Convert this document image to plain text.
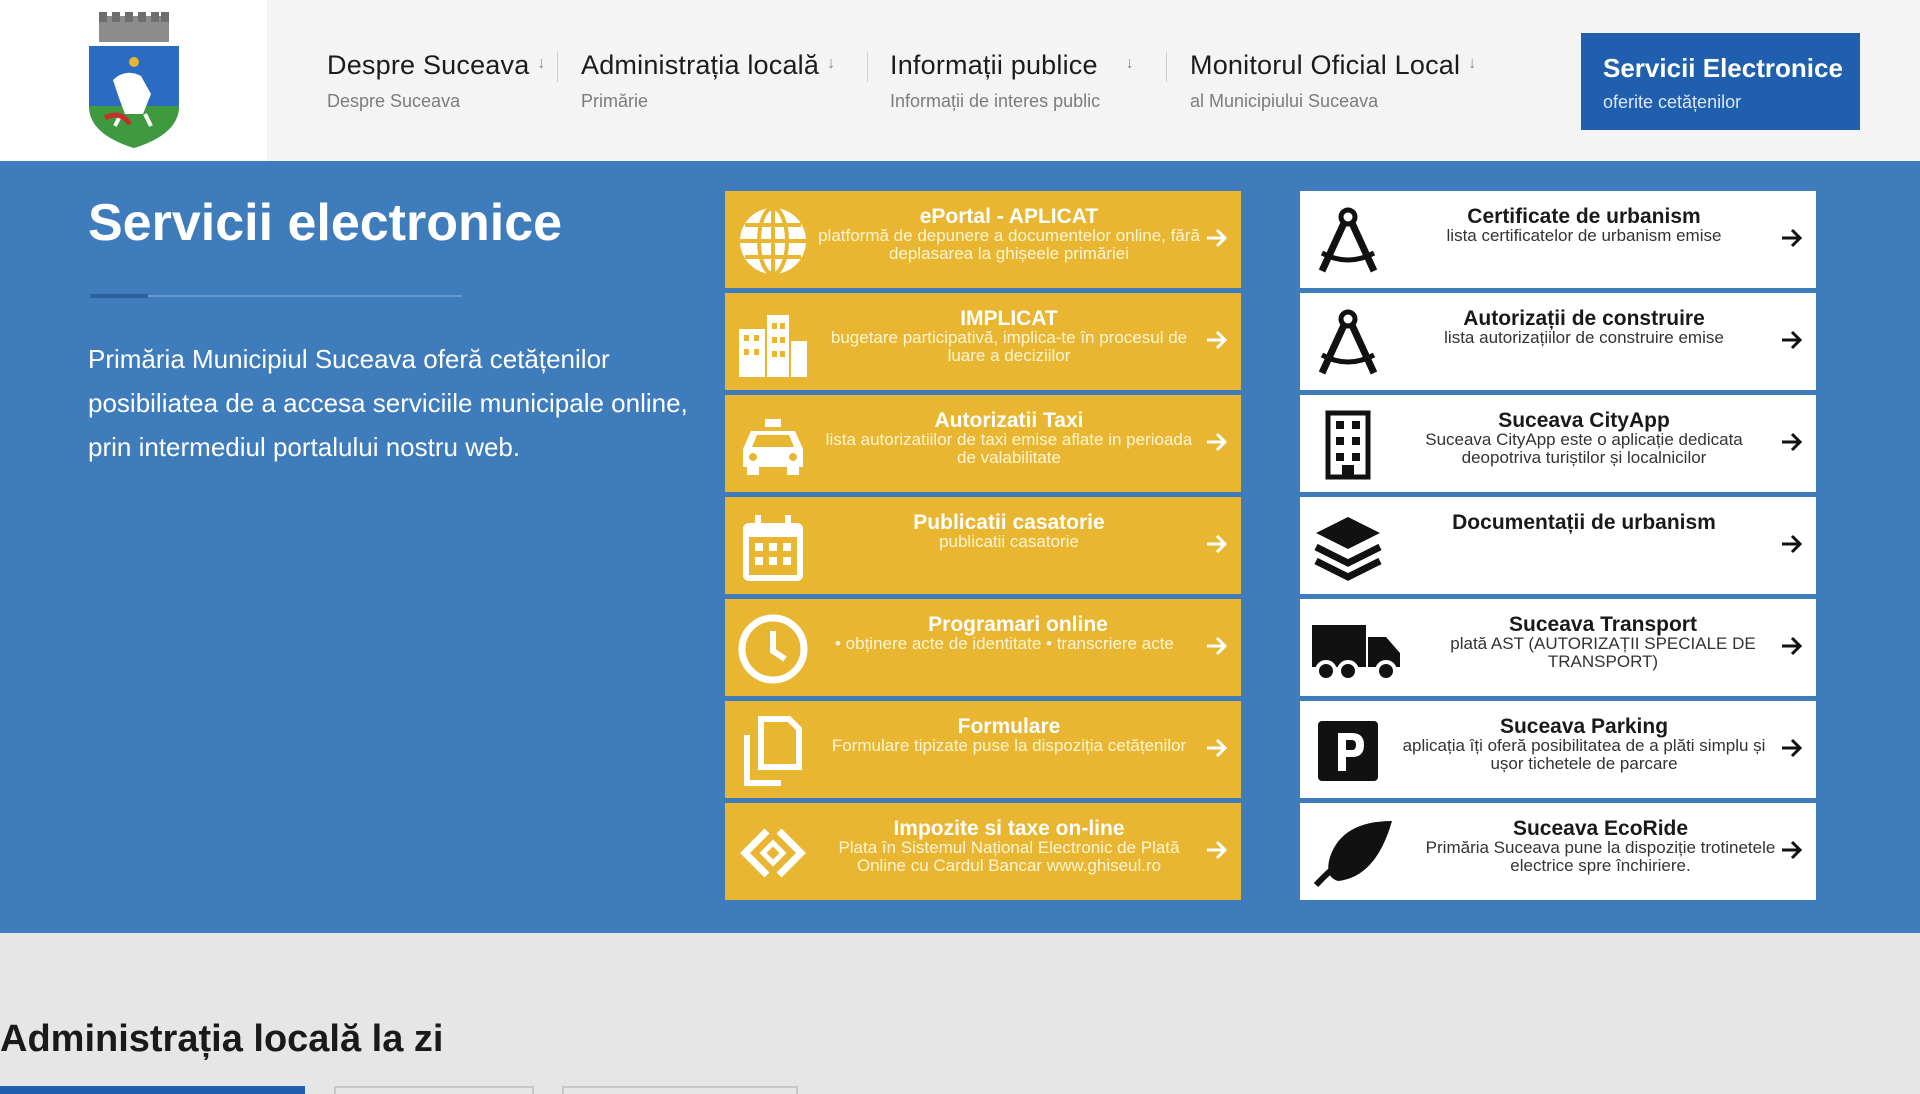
Despre Suceava ↓
Despre Suceava
Administrația locală ↓
Primărie
Informații publice ↓
Informații de interes public
Monitorul Oficial Local ↓
al Municipiului Suceava
Servicii Electronice
oferite cetățenilor
Servicii electronice

Primăria Municipiul Suceava oferă cetățenilor posibiliatea de a accesa serviciile municipale online, prin intermediul portalului nostru web.

ePortal - APLICAT
platformă de depunere a documentelor online, fără deplasarea la ghișeele primăriei
IMPLICAT
bugetare participativă, implica-te în procesul de luare a deciziilor
Autorizatii Taxi
lista autorizatiilor de taxi emise aflate in perioada de valabilitate
Publicatii casatorie
publicatii casatorie
Programari online
• obținere acte de identitate • transcriere acte
Formulare
Formulare tipizate puse la dispoziția cetățenilor
Impozite si taxe on-line
Plata în Sistemul Național Electronic de Plată Online cu Cardul Bancar www.ghiseul.ro
Certificate de urbanism
lista certificatelor de urbanism emise
Autorizații de construire
lista autorizațiilor de construire emise
Suceava CityApp
Suceava CityApp este o aplicație dedicata deopotriva turiștilor și localnicilor
Documentații de urbanism
Suceava Transport
plată AST (AUTORIZAȚII SPECIALE DE TRANSPORT)
Suceava Parking
aplicația îți oferă posibilitatea de a plăti simplu și ușor tichetele de parcare
Suceava EcoRide
Primăria Suceava pune la dispoziție trotinetele electrice spre închiriere.
Administrația locală la zi
